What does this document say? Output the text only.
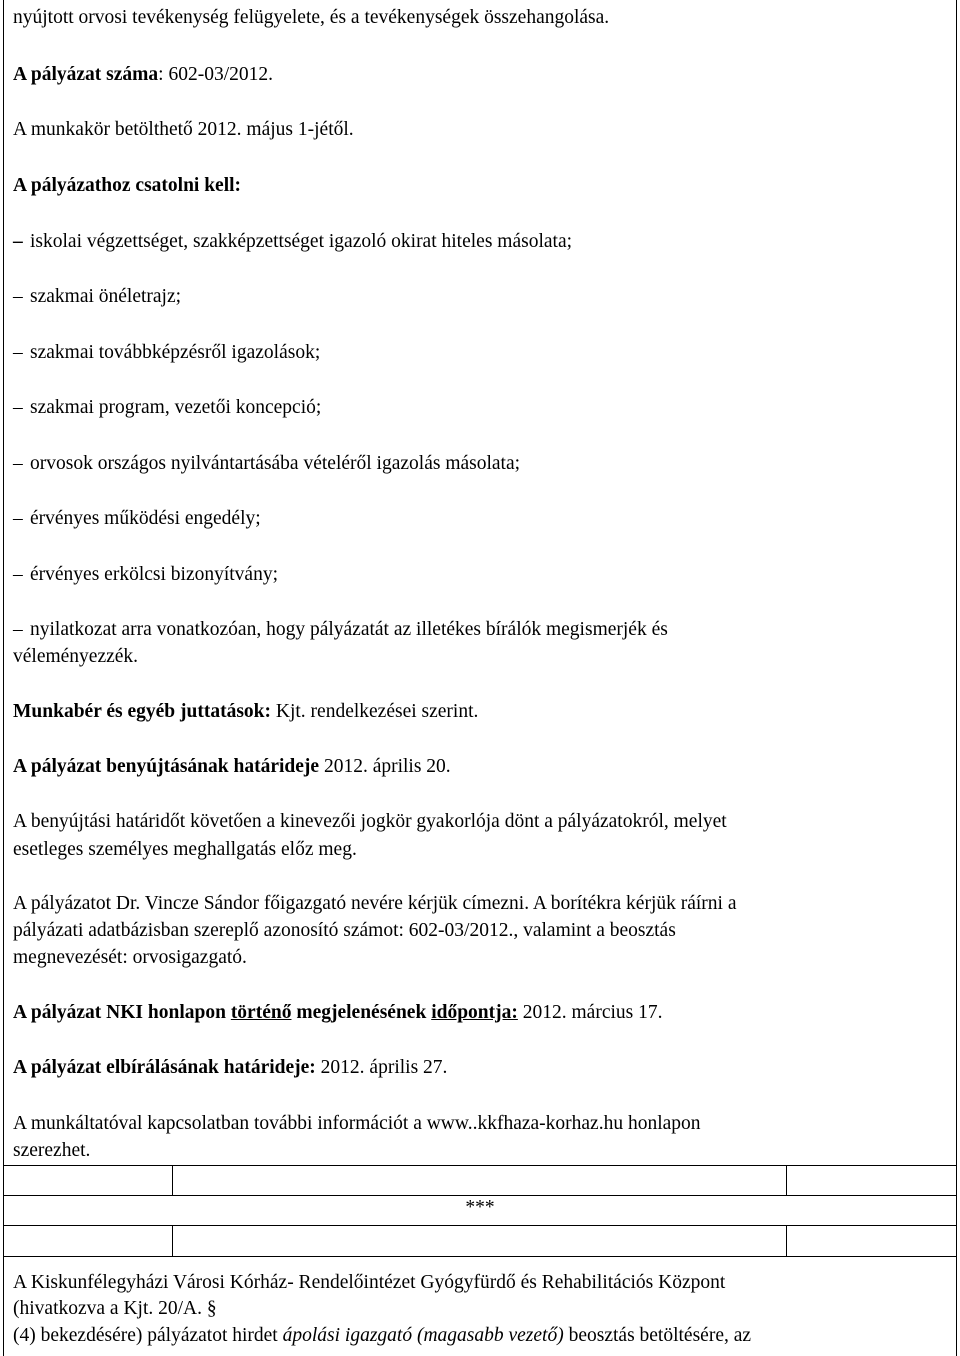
nyújtott orvosi tevékenység felügyelete, és a tevékenységek összehangolása.
A pályázat száma: 602-03/2012.
A munkakör betölthető 2012. május 1-jétől.
A pályázathoz csatolni kell:
– iskolai végzettséget, szakképzettséget igazoló okirat hiteles másolata;
– szakmai önéletrajz;
– szakmai továbbképzésről igazolások;
– szakmai program, vezetői koncepció;
– orvosok országos nyilvántartásába vételéről igazolás másolata;
– érvényes működési engedély;
– érvényes erkölcsi bizonyítvány;
– nyilatkozat arra vonatkozóan, hogy pályázatát az illetékes bírálók megismerjék és
véleményezzék.
Munkabér és egyéb juttatások: Kjt. rendelkezései szerint.
A pályázat benyújtásának határideje 2012. április 20.
A benyújtási határidőt követően a kinevezői jogkör gyakorlója dönt a pályázatokról, melyet
esetleges személyes meghallgatás előz meg.
A pályázatot Dr. Vincze Sándor főigazgató nevére kérjük címezni. A borítékra kérjük ráírni a
pályázati adatbázisban szereplő azonosító számot: 602-03/2012., valamint a beosztás
megnevezését: orvosigazgató.
A pályázat NKI honlapon történő megjelenésének időpontja: 2012. március 17.
A pályázat elbírálásának határideje: 2012. április 27.
A munkáltatóval kapcsolatban további információt a www..kkfhaza-korhaz.hu honlapon
szerezhet.
***
A Kiskunfélegyházi Városi Kórház- Rendelőintézet Gyógyfürdő és Rehabilitációs Központ
(hivatkozva a Kjt. 20/A. §
(4) bekezdésére) pályázatot hirdet ápolási igazgató (magasabb vezető) beosztás betöltésére, az
